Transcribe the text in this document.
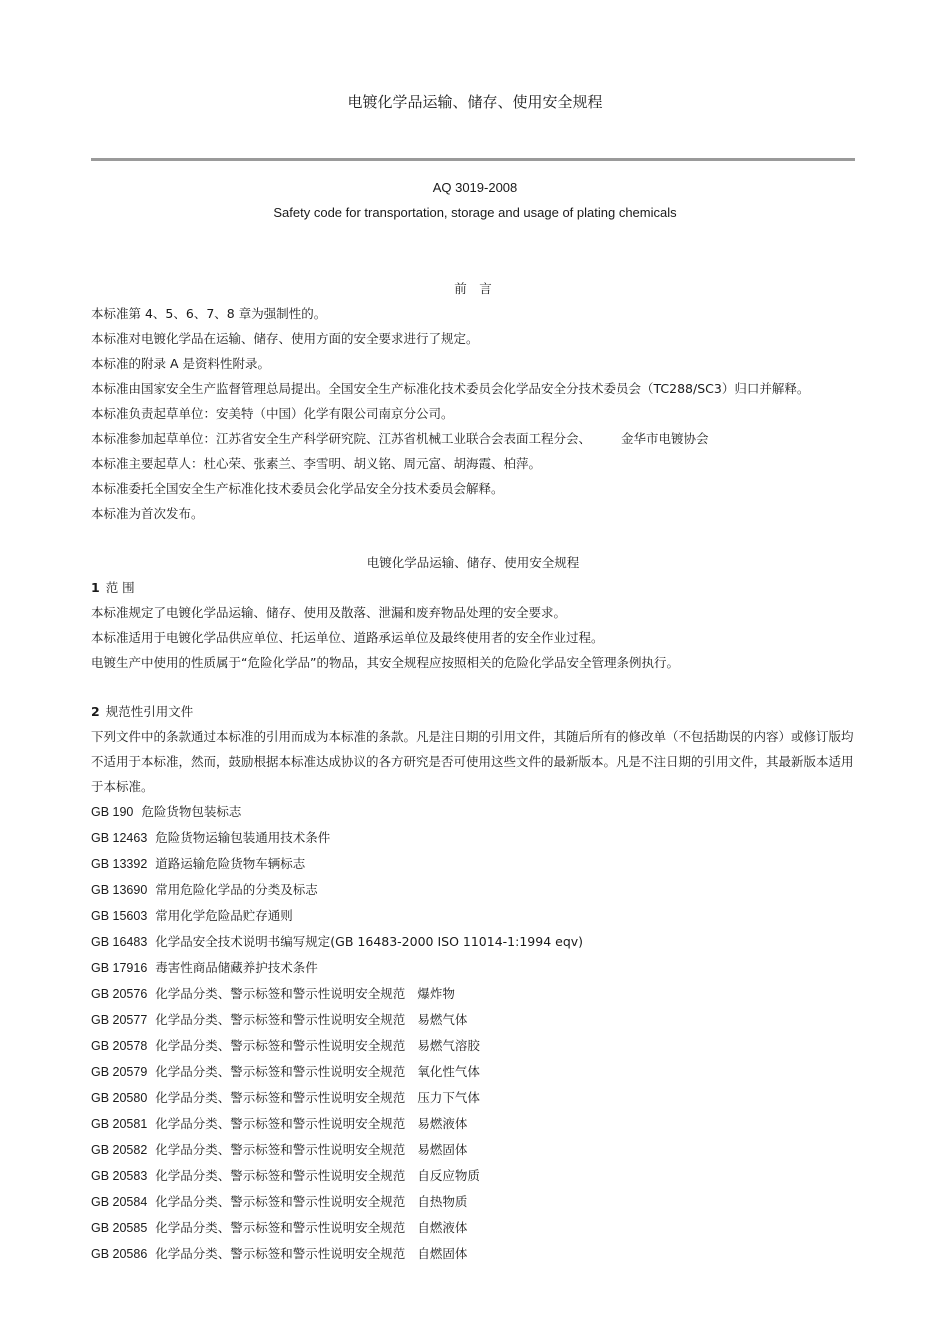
电镀化学品运输、储存、使用安全规程
AQ 3019-2008
Safety code for transportation, storage and usage of plating chemicals
前　言
本标准第 4、5、6、7、8 章为强制性的。
本标准对电镀化学品在运输、储存、使用方面的安全要求进行了规定。
本标准的附录 A 是资料性附录。
本标准由国家安全生产监督管理总局提出。全国安全生产标准化技术委员会化学品安全分技术委员会（TC288/SC3）归口并解释。
本标准负责起草单位：安美特（中国）化学有限公司南京分公司。
本标准参加起草单位：江苏省安全生产科学研究院、江苏省机械工业联合会表面工程分会、 金华市电镀协会
本标准主要起草人：杜心荣、张素兰、李雪明、胡义铭、周元富、胡海霞、柏萍。
本标准委托全国安全生产标准化技术委员会化学品安全分技术委员会解释。
本标准为首次发布。
电镀化学品运输、储存、使用安全规程
1 范 围
本标准规定了电镀化学品运输、储存、使用及散落、泄漏和废弃物品处理的安全要求。
本标准适用于电镀化学品供应单位、托运单位、道路承运单位及最终使用者的安全作业过程。
电镀生产中使用的性质属于“危险化学品”的物品，其安全规程应按照相关的危险化学品安全管理条例执行。
2 规范性引用文件
下列文件中的条款通过本标准的引用而成为本标准的条款。凡是注日期的引用文件，其随后所有的修改单（不包括勘误的内容）或修订版均不适用于本标准，然而，鼓励根据本标准达成协议的各方研究是否可使用这些文件的最新版本。凡是不注日期的引用文件，其最新版本适用于本标准。
GB 190 危险货物包装标志
GB 12463 危险货物运输包装通用技术条件
GB 13392 道路运输危险货物车辆标志
GB 13690 常用危险化学品的分类及标志
GB 15603 常用化学危险品贮存通则
GB 16483 化学品安全技术说明书编写规定(GB 16483-2000 ISO 11014-1:1994 eqv)
GB 17916 毒害性商品储藏养护技术条件
GB 20576 化学品分类、警示标签和警示性说明安全规范 爆炸物
GB 20577 化学品分类、警示标签和警示性说明安全规范 易燃气体
GB 20578 化学品分类、警示标签和警示性说明安全规范 易燃气溶胶
GB 20579 化学品分类、警示标签和警示性说明安全规范 氧化性气体
GB 20580 化学品分类、警示标签和警示性说明安全规范 压力下气体
GB 20581 化学品分类、警示标签和警示性说明安全规范 易燃液体
GB 20582 化学品分类、警示标签和警示性说明安全规范 易燃固体
GB 20583 化学品分类、警示标签和警示性说明安全规范 自反应物质
GB 20584 化学品分类、警示标签和警示性说明安全规范 自热物质
GB 20585 化学品分类、警示标签和警示性说明安全规范 自燃液体
GB 20586 化学品分类、警示标签和警示性说明安全规范 自燃固体
